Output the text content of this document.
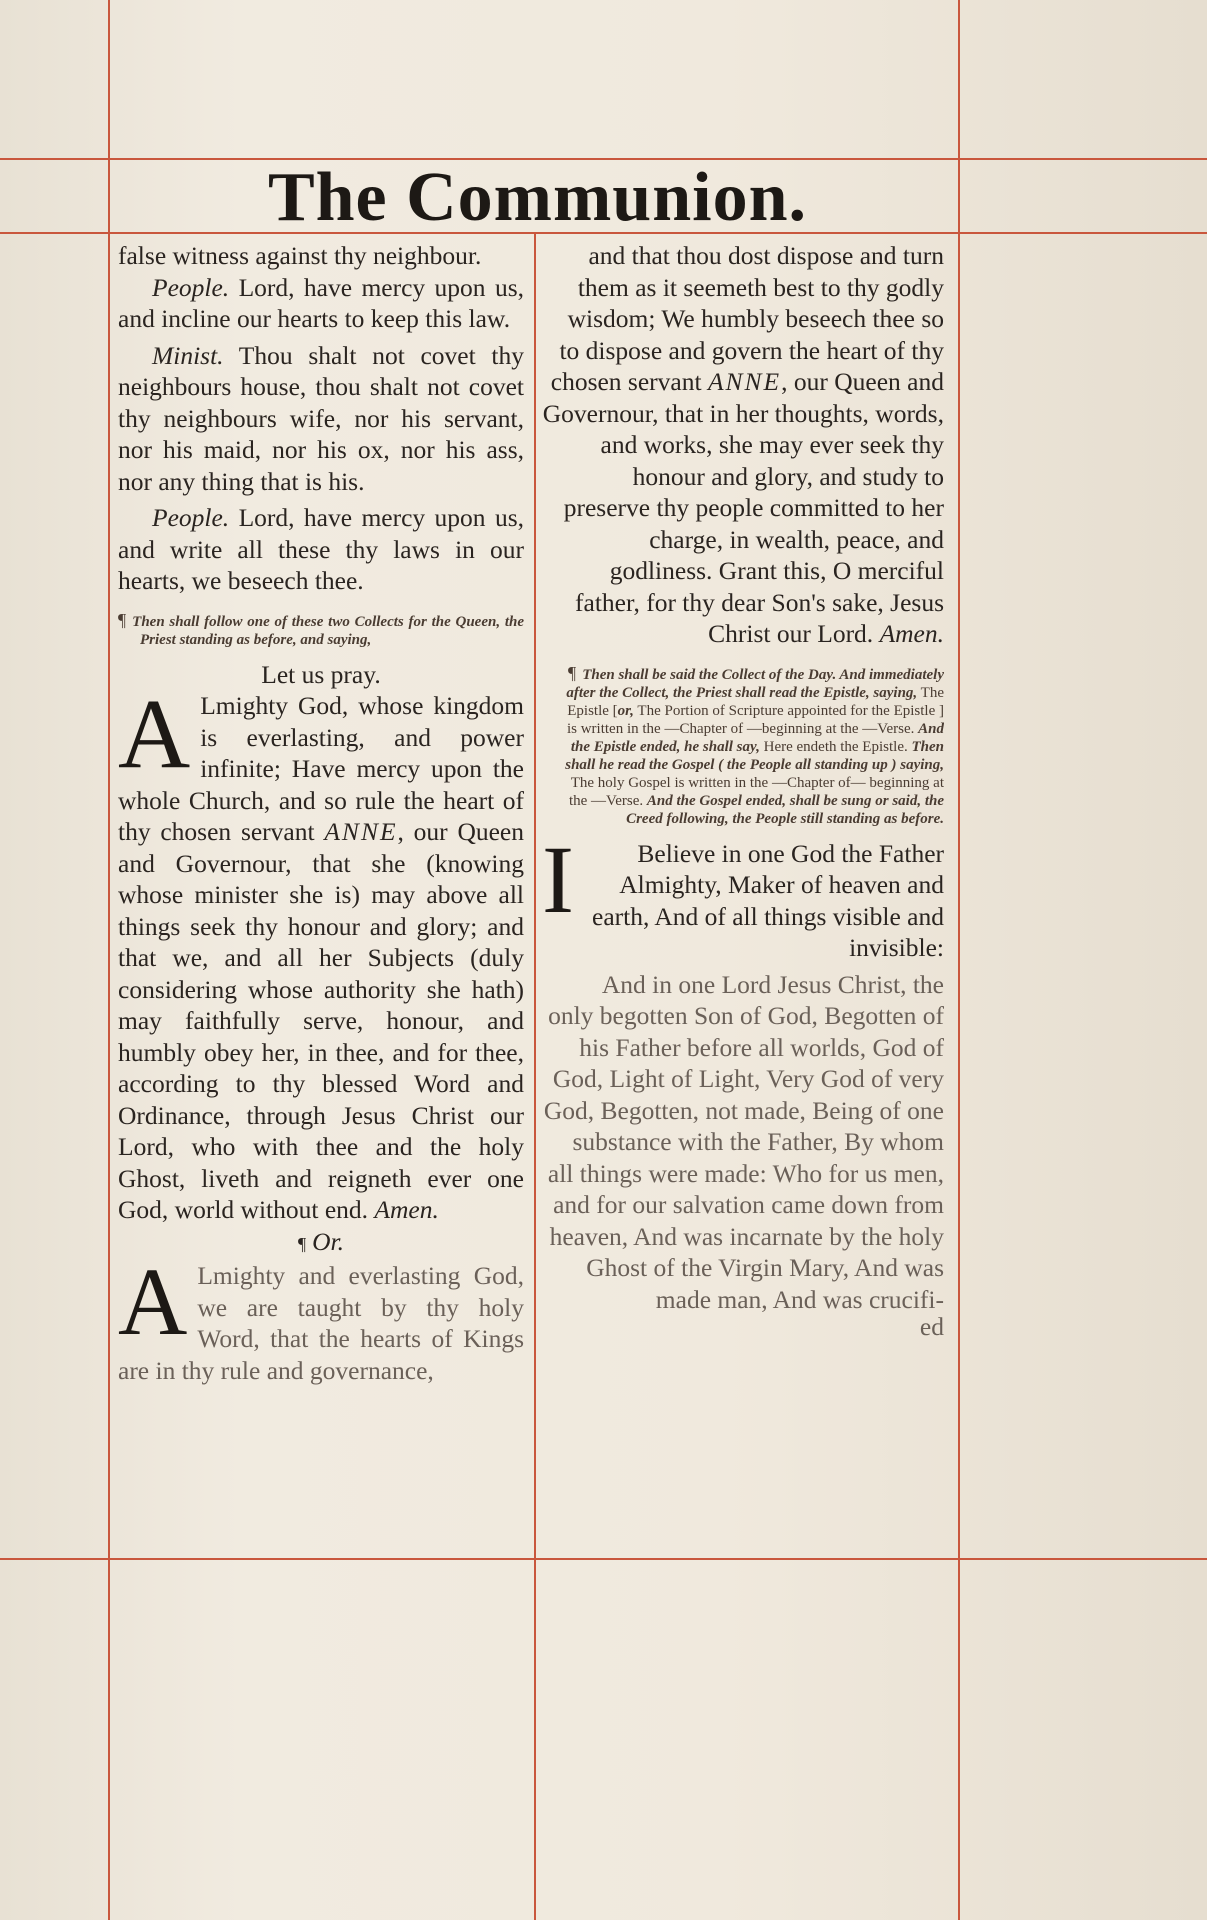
The Communion.

false witness against thy neighbour.

People. Lord, have mercy upon us, and incline our hearts to keep this law.

Minist. Thou shalt not covet thy neighbours house, thou shalt not covet thy neighbours wife, nor his servant, nor his maid, nor his ox, nor his ass, nor any thing that is his.

People. Lord, have mercy upon us, and write all these thy laws in our hearts, we beseech thee.

¶ Then shall follow one of these two Collects for the Queen, the Priest standing as before, and saying,

Let us pray.

A Lmighty God, whose kingdom is everlasting, and power infinite; Have mercy upon the whole Church, and so rule the heart of thy chosen servant ANNE, our Queen and Governour, that she (knowing whose minister she is) may above all things seek thy honour and glory; and that we, and all her Subjects (duly considering whose authority she hath) may faithfully serve, honour, and humbly obey her, in thee, and for thee, according to thy blessed Word and Ordinance, through Jesus Christ our Lord, who with thee and the holy Ghost, liveth and reigneth ever one God, world without end. Amen.

¶ Or.

A Lmighty and everlasting God, we are taught by thy holy Word, that the hearts of Kings are in thy rule and governance,

and that thou dost dispose and turn them as it seemeth best to thy godly wisdom; We humbly beseech thee so to dispose and govern the heart of thy chosen servant ANNE, our Queen and Governour, that in her thoughts, words, and works, she may ever seek thy honour and glory, and study to preserve thy people committed to her charge, in wealth, peace, and godliness. Grant this, O merciful father, for thy dear Son's sake, Jesus Christ our Lord. Amen.

¶ Then shall be said the Collect of the Day. And immediately after the Collect, the Priest shall read the Epistle, saying, The Epistle [or, The Portion of Scripture appointed for the Epistle ] is written in the —Chapter of —beginning at the —Verse. And the Epistle ended, he shall say, Here endeth the Epistle. Then shall he read the Gospel ( the People all standing up ) saying, The holy Gospel is written in the —Chapter of— beginning at the —Verse. And the Gospel ended, shall be sung or said, the Creed following, the People still standing as before.

I Believe in one God the Father Almighty, Maker of heaven and earth, And of all things visible and invisible:

And in one Lord Jesus Christ, the only begotten Son of God, Begotten of his Father before all worlds, God of God, Light of Light, Very God of very God, Begotten, not made, Being of one substance with the Father, By whom all things were made: Who for us men, and for our salvation came down from heaven, And was incarnate by the holy Ghost of the Virgin Mary, And was made man, And was crucifi-

ed
